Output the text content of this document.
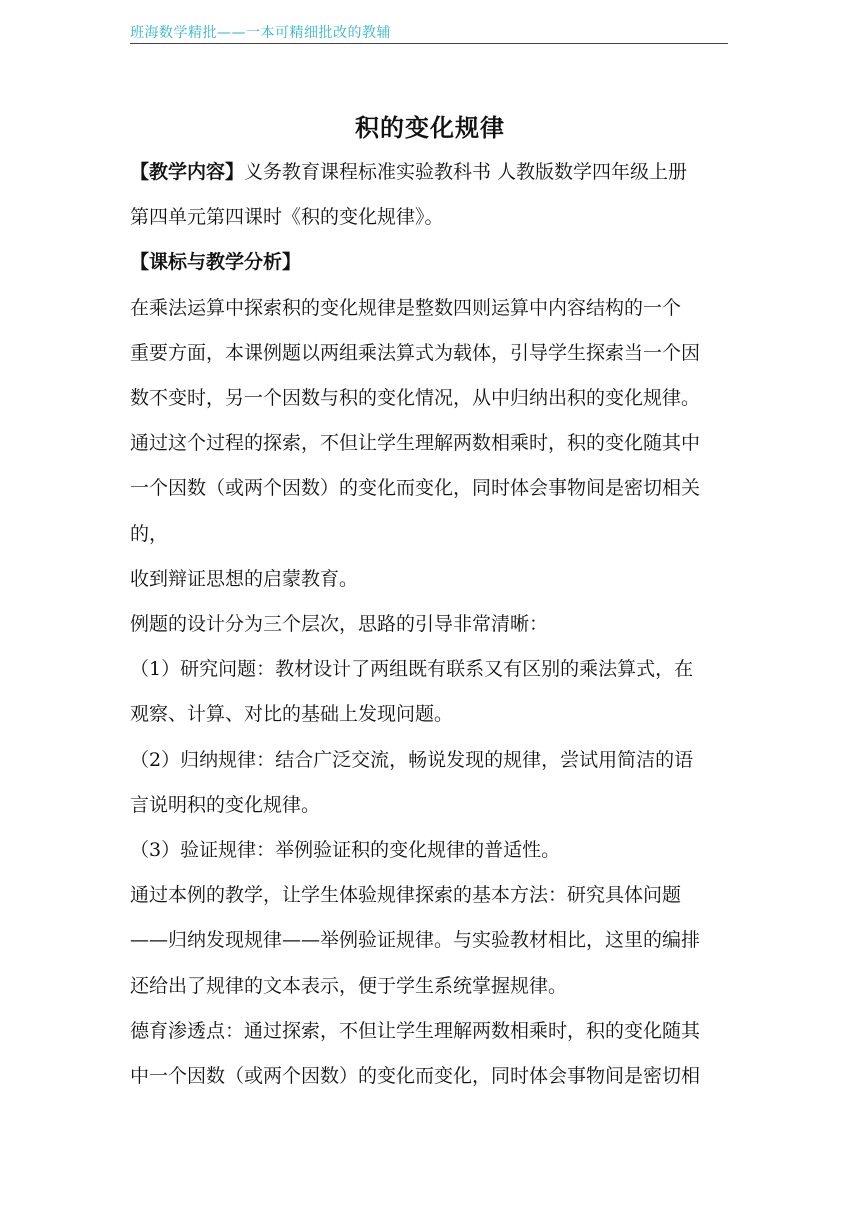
班海数学精批——一本可精细批改的教辅
积的变化规律

【教学内容】义务教育课程标准实验教科书 人教版数学四年级上册

第四单元第四课时《积的变化规律》。

【课标与教学分析】

在乘法运算中探索积的变化规律是整数四则运算中内容结构的一个

重要方面，本课例题以两组乘法算式为载体，引导学生探索当一个因

数不变时，另一个因数与积的变化情况，从中归纳出积的变化规律。

通过这个过程的探索，不但让学生理解两数相乘时，积的变化随其中

一个因数（或两个因数）的变化而变化，同时体会事物间是密切相关

的，

收到辩证思想的启蒙教育。

例题的设计分为三个层次，思路的引导非常清晰：

（1）研究问题：教材设计了两组既有联系又有区别的乘法算式，在

观察、计算、对比的基础上发现问题。

（2）归纳规律：结合广泛交流，畅说发现的规律，尝试用简洁的语

言说明积的变化规律。

（3）验证规律：举例验证积的变化规律的普适性。

通过本例的教学，让学生体验规律探索的基本方法：研究具体问题

——归纳发现规律——举例验证规律。与实验教材相比，这里的编排

还给出了规律的文本表示，便于学生系统掌握规律。

德育渗透点：通过探索，不但让学生理解两数相乘时，积的变化随其

中一个因数（或两个因数）的变化而变化，同时体会事物间是密切相
